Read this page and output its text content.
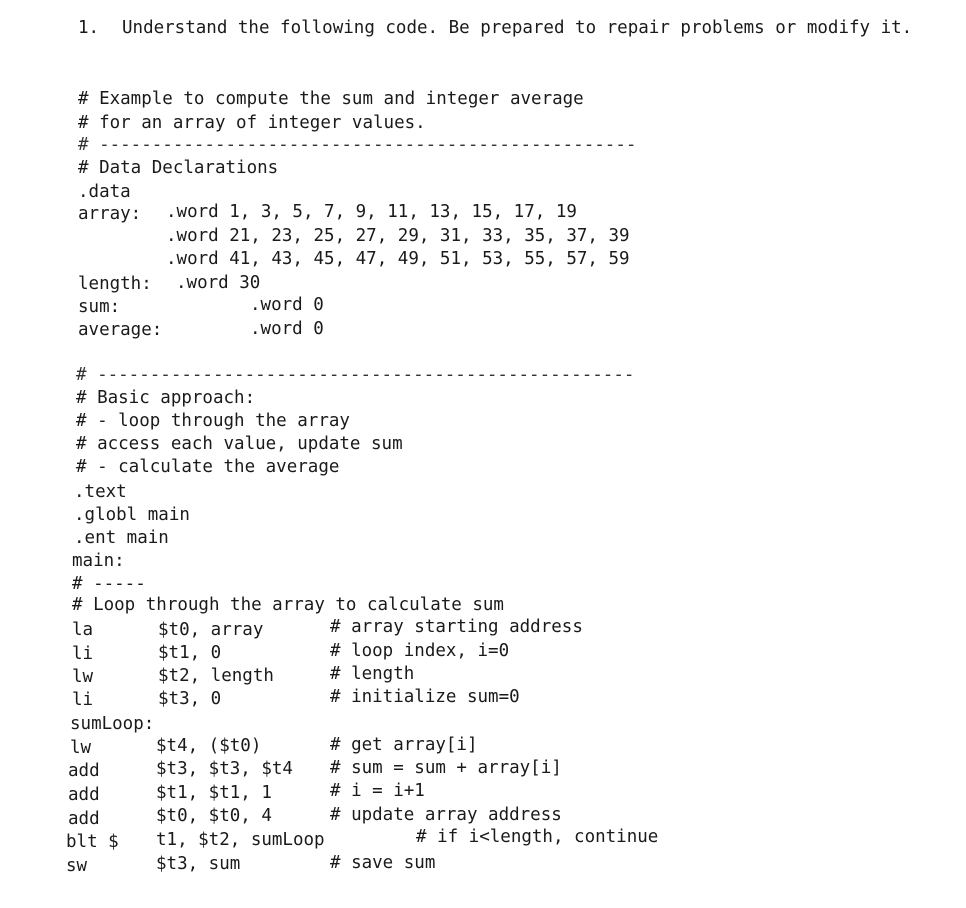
1. Understand the following code. Be prepared to repair problems or modify it.
# Example to compute the sum and integer average
# for an array of integer values.
# ---------------------------------------------------
# Data Declarations
.data
array: .word 1, 3, 5, 7, 9, 11, 13, 15, 17, 19
.word 21, 23, 25, 27, 29, 31, 33, 35, 37, 39
.word 41, 43, 45, 47, 49, 51, 53, 55, 57, 59
length: .word 30
sum:	.word 0
average:	.word 0
# ---------------------------------------------------
# Basic approach:
# - loop through the array
# access each value, update sum
# - calculate the average
.text
.globl main
.ent main
main:
# -----
# Loop through the array to calculate sum
la	$t0, array	# array starting address
li	$t1, 0	# loop index, i=0
lw	$t2, length	# length
li	$t3, 0	# initialize sum=0
sumLoop:
lw	$t4, ($t0)	# get array[i]
add	$t3, $t3, $t4 # sum = sum + array[i]
add	$t1, $t1, 1	# i = i+1
add	$t0, $t0, 4	# update array address
blt $ t1, $t2, sumLoop	# if i<length, continue
sw	$t3, sum	# save sum
